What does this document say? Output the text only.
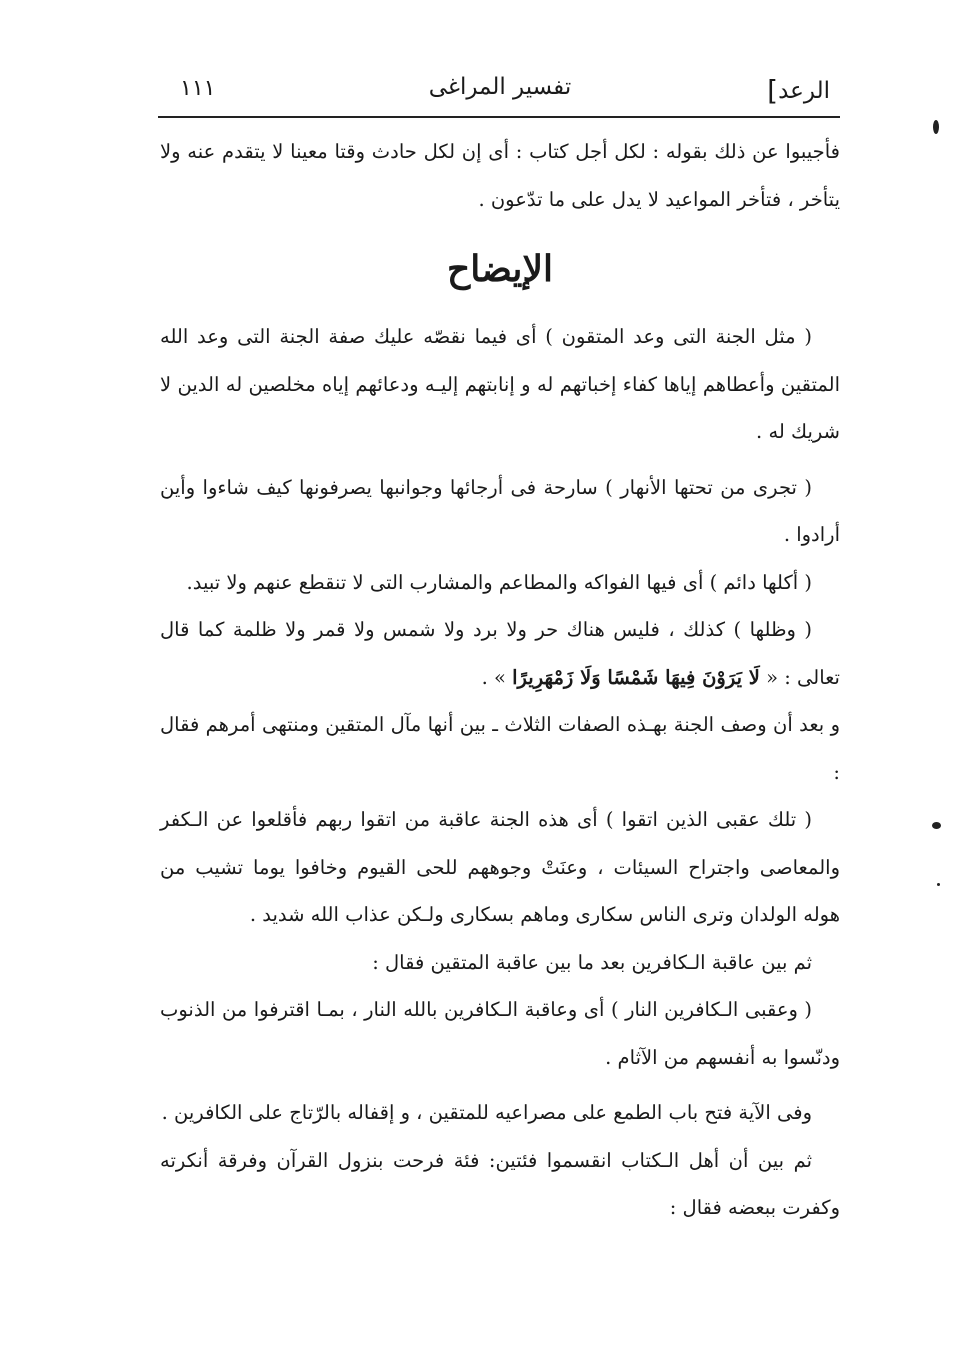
الرعد]
تفسير المراغى
١١١

فأجيبوا عن ذلك بقوله : لكل أجل كتاب : أى إن لكل حادث وقتا معينا لا يتقدم عنه ولا يتأخر ، فتأخر المواعيد لا يدل على ما تدّعون .

الإيضاح

( مثل الجنة التى وعد المتقون ) أى فيما نقصّه عليك صفة الجنة التى وعد الله المتقين وأعطاهم إياها كفاء إخباتهم له و إنابتهم إليـه ودعائهم إياه مخلصين له الدين لا شريك له .

( تجرى من تحتها الأنهار ) سارحة فى أرجائها وجوانبها يصرفونها كيف شاءوا وأين أرادوا .

( أكلها دائم ) أى فيها الفواكه والمطاعم والمشارب التى لا تنقطع عنهم ولا تبيد.

( وظلها ) كذلك ، فليس هناك حر ولا برد ولا شمس ولا قمر ولا ظلمة كما قال تعالى : « لَا يَرَوْنَ فِيهَا شَمْسًا وَلَا زَمْهَرِيرًا » .

و بعد أن وصف الجنة بهـذه الصفات الثلاث ـ بين أنها مآل المتقين ومنتهى أمرهم فقال :

( تلك عقبى الذين اتقوا ) أى هذه الجنة عاقبة من اتقوا ربهم فأقلعوا عن الـكفر والمعاصى واجتراح السيئات ، وعنَتْ وجوههم للحى القيوم وخافوا يوما تشيب من هوله الولدان وترى الناس سكارى وماهم بسكارى ولـكن عذاب الله شديد .

ثم بين عاقبة الـكافرين بعد ما بين عاقبة المتقين فقال :

( وعقبى الـكافرين النار ) أى وعاقبة الـكافرين بالله النار ، بمـا اقترفوا من الذنوب ودنّسوا به أنفسهم من الآثام .

وفى الآية فتح باب الطمع على مصراعيه للمتقين ، و إقفاله بالرّتاج على الكافرين .

ثم بين أن أهل الـكتاب انقسموا فئتين: فئة فرحت بنزول القرآن وفرقة أنكرته وكفرت ببعضه فقال :
